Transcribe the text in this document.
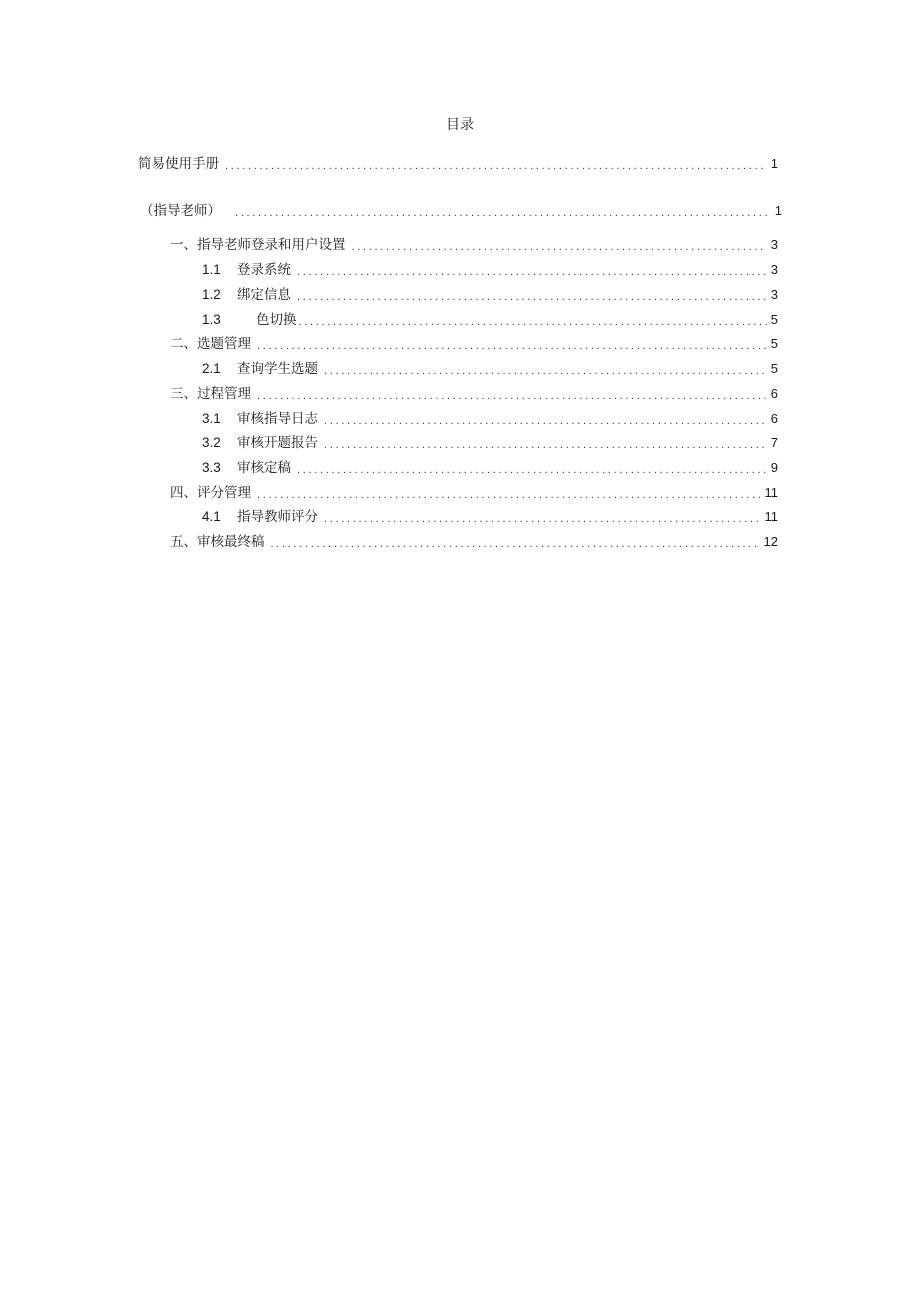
目录
简易使用手册 .....	1
（指导老师） .....	1
一、指导老师登录和用户设置 .....	3
1.1	登录系统 .....	3
1.2	绑定信息 .....	3
1.3	色切换 .....	5
二、选题管理 .....	5
2.1	查询学生选题 .....	5
三、过程管理 .....	6
3.1	审核指导日志 .....	6
3.2	审核开题报告 .....	7
3.3	审核定稿 .....	9
四、评分管理 .....	11
4.1	指导教师评分 .....	11
五、审核最终稿 .....	12
